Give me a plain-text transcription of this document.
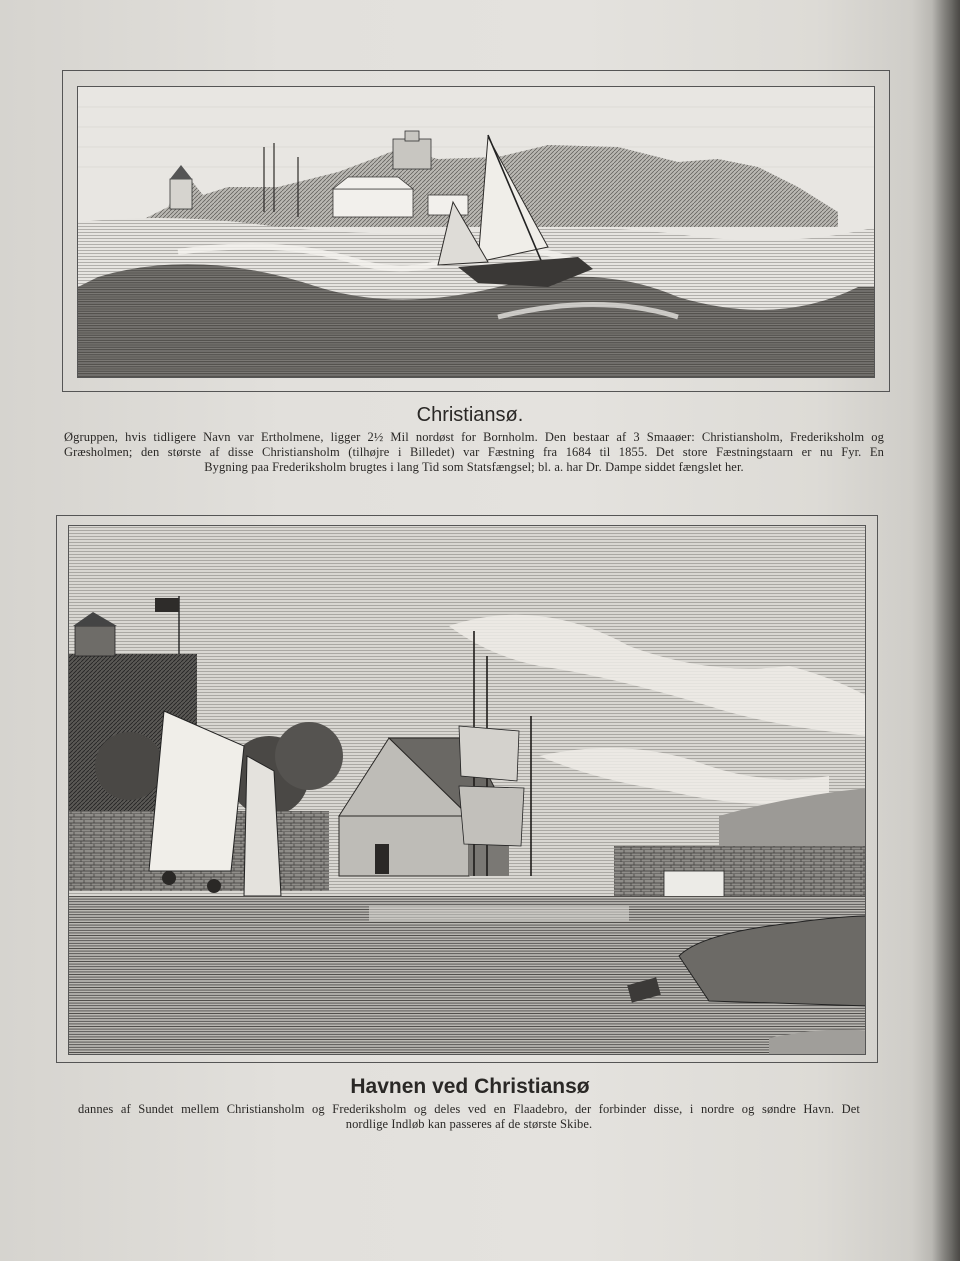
Christiansø.
Øgruppen, hvis tidligere Navn var Ertholmene, ligger 2½ Mil nordøst for Bornholm. Den bestaar af 3 Smaaøer: Christiansholm, Frederiksholm og
Græsholmen; den største af disse Christiansholm (tilhøjre i Billedet) var Fæstning fra 1684 til 1855. Det store Fæstningstaarn er nu Fyr. En
Bygning paa Frederiksholm brugtes i lang Tid som Statsfængsel; bl. a. har Dr. Dampe siddet fængslet her.
Havnen ved Christiansø
dannes af Sundet mellem Christiansholm og Frederiksholm og deles ved en Flaadebro, der forbinder disse, i nordre og søndre Havn. Det
nordlige Indløb kan passeres af de største Skibe.
